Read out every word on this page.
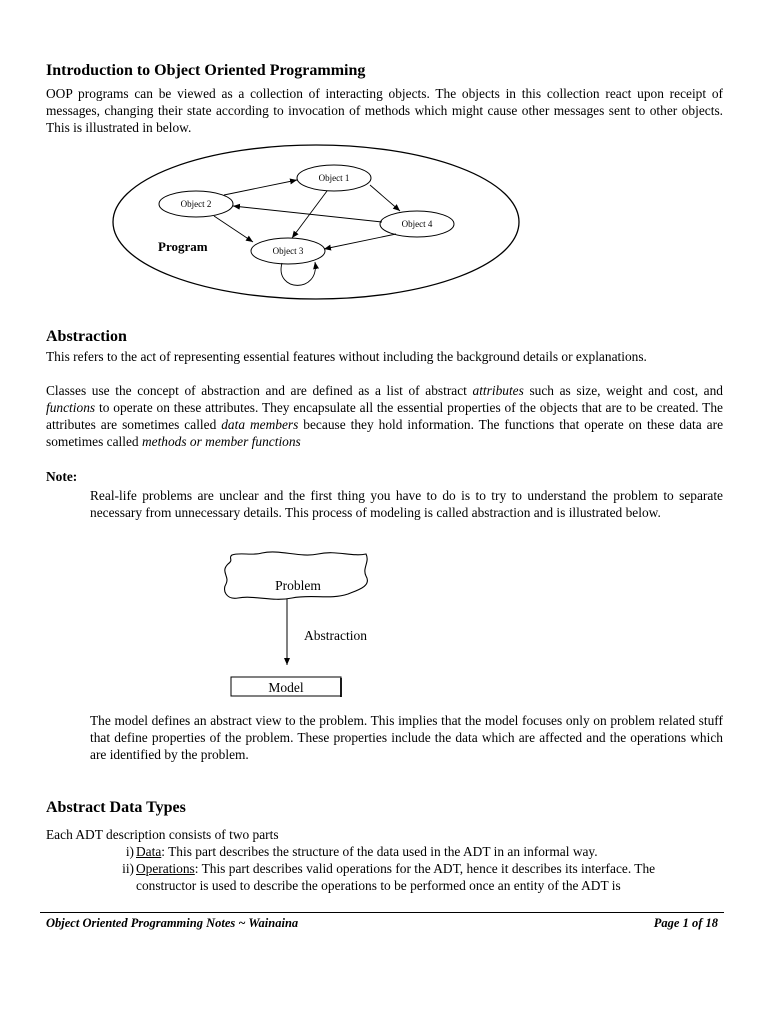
Introduction to Object Oriented Programming

OOP programs can be viewed as a collection of interacting objects. The objects in this collection react upon receipt of messages, changing their state according to invocation of methods which might cause other messages sent to other objects. This is illustrated in below.

Object 1
Object 2
Object 3
Object 4
Program
Abstraction

This refers to the act of representing essential features without including the background details or explanations.

Classes use the concept of abstraction and are defined as a list of abstract attributes such as size, weight and cost, and functions to operate on these attributes. They encapsulate all the essential properties of the objects that are to be created. The attributes are sometimes called data members because they hold information. The functions that operate on these data are sometimes called methods or member functions

Note:

Real-life problems are unclear and the first thing you have to do is to try to understand the problem to separate necessary from unnecessary details. This process of modeling is called abstraction and is illustrated below.

Problem
Abstraction
Model

The model defines an abstract view to the problem. This implies that the model focuses only on problem related stuff that define properties of the problem. These properties include the data which are affected and the operations which are identified by the problem.

Abstract Data Types
Each ADT description consists of two parts
i) Data: This part describes the structure of the data used in the ADT in an informal way.
ii) Operations: This part describes valid operations for the ADT, hence it describes its interface. The
constructor is used to describe the operations to be performed once an entity of the ADT is
Object Oriented Programming Notes ~ Wainaina	Page 1 of 18
